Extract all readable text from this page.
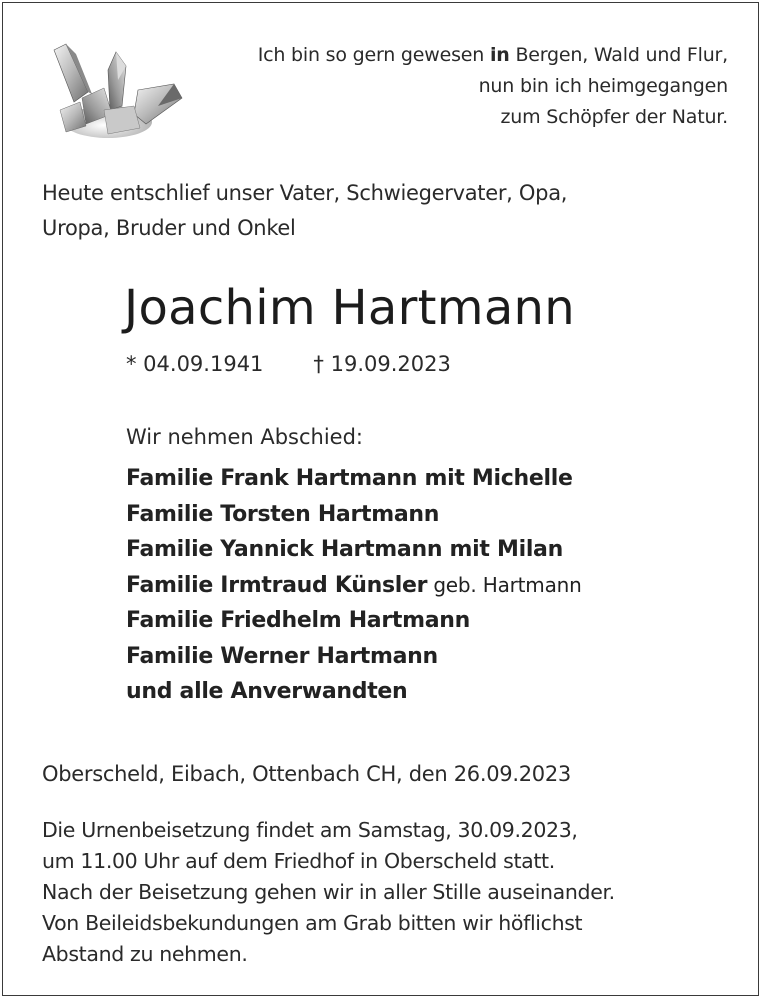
Ich bin so gern gewesen in Bergen, Wald und Flur,
nun bin ich heimgegangen
zum Schöpfer der Natur.
Heute entschlief unser Vater, Schwiegervater, Opa,
Uropa, Bruder und Onkel
Joachim Hartmann
* 04.09.1941 † 19.09.2023
Wir nehmen Abschied:
Familie Frank Hartmann mit Michelle
Familie Torsten Hartmann
Familie Yannick Hartmann mit Milan
Familie Irmtraud Künsler geb. Hartmann
Familie Friedhelm Hartmann
Familie Werner Hartmann
und alle Anverwandten
Oberscheld, Eibach, Ottenbach CH, den 26.09.2023
Die Urnenbeisetzung findet am Samstag, 30.09.2023,
um 11.00 Uhr auf dem Friedhof in Oberscheld statt.
Nach der Beisetzung gehen wir in aller Stille auseinander.
Von Beileidsbekundungen am Grab bitten wir höflichst
Abstand zu nehmen.
